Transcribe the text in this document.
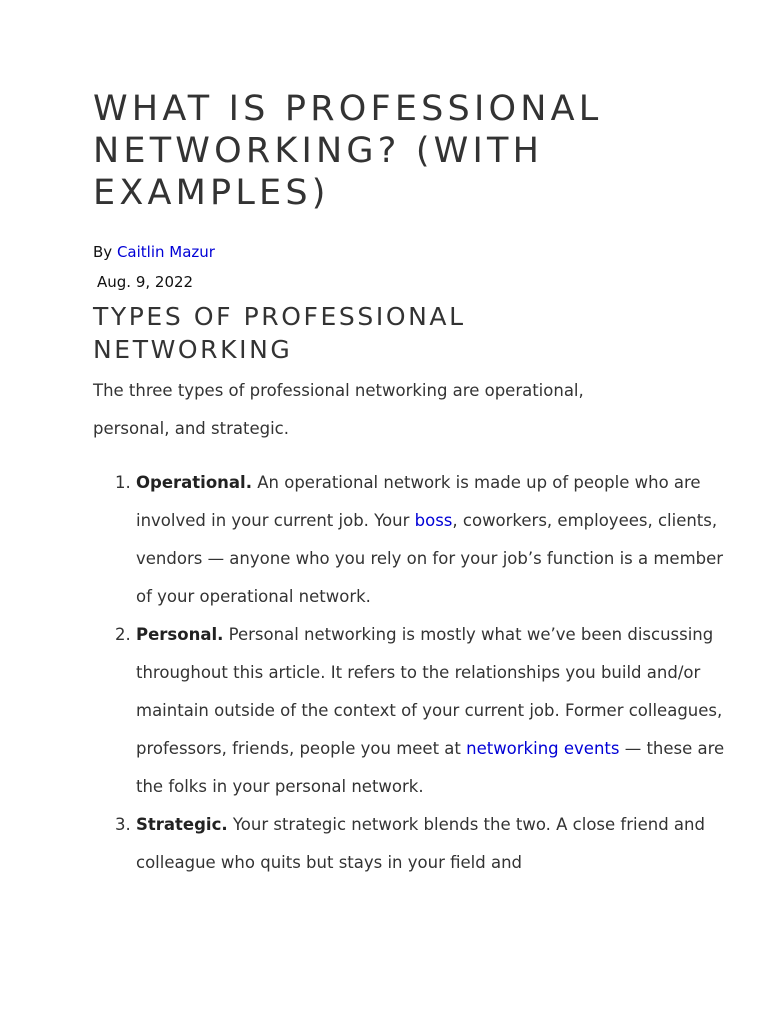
WHAT IS PROFESSIONAL NETWORKING? (WITH EXAMPLES)
By Caitlin Mazur
Aug. 9, 2022
TYPES OF PROFESSIONAL NETWORKING

The three types of professional networking are operational, personal, and strategic.

1. Operational. An operational network is made up of people who are involved in your current job. Your boss, coworkers, employees, clients, vendors — anyone who you rely on for your job’s function is a member of your operational network.
2. Personal. Personal networking is mostly what we’ve been discussing throughout this article. It refers to the relationships you build and/or maintain outside of the context of your current job. Former colleagues, professors, friends, people you meet at networking events — these are the folks in your personal network.
3. Strategic. Your strategic network blends the two. A close friend and colleague who quits but stays in your field and
